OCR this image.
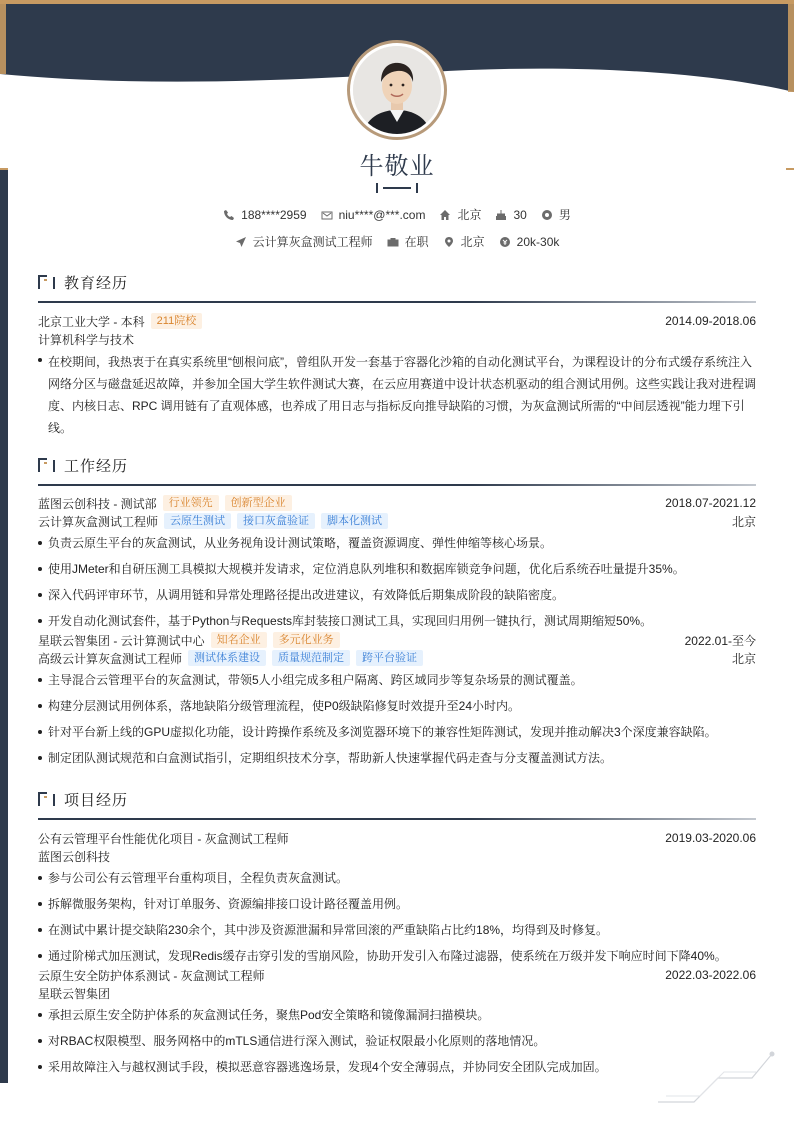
牛敬业
188****2959	niu****@***.com	北京	30	男
云计算灰盒测试工程师	在职	北京	20k-30k
教育经历
北京工业大学 - 本科	211院校	2014.09-2018.06
计算机科学与技术
在校期间，我热衷于在真实系统里“刨根问底”，曾组队开发一套基于容器化沙箱的自动化测试平台，为课程设计的分布式缓存系统注入网络分区与磁盘延迟故障，并参加全国大学生软件测试大赛，在云应用赛道中设计状态机驱动的组合测试用例。这些实践让我对进程调度、内核日志、RPC 调用链有了直观体感，也养成了用日志与指标反向推导缺陷的习惯，为灰盒测试所需的“中间层透视”能力埋下引线。
工作经历
蓝图云创科技 - 测试部	行业领先	创新型企业	2018.07-2021.12
云计算灰盒测试工程师	云原生测试	接口灰盒验证	脚本化测试	北京
负责云原生平台的灰盒测试，从业务视角设计测试策略，覆盖资源调度、弹性伸缩等核心场景。
使用JMeter和自研压测工具模拟大规模并发请求，定位消息队列堆积和数据库锁竞争问题，优化后系统吞吐量提升35%。
深入代码评审环节，从调用链和异常处理路径提出改进建议，有效降低后期集成阶段的缺陷密度。
开发自动化测试套件，基于Python与Requests库封装接口测试工具，实现回归用例一键执行，测试周期缩短50%。
星联云智集团 - 云计算测试中心	知名企业	多元化业务	2022.01-至今
高级云计算灰盒测试工程师	测试体系建设	质量规范制定	跨平台验证	北京
主导混合云管理平台的灰盒测试，带领5人小组完成多租户隔离、跨区域同步等复杂场景的测试覆盖。
构建分层测试用例体系，落地缺陷分级管理流程，使P0级缺陷修复时效提升至24小时内。
针对平台新上线的GPU虚拟化功能，设计跨操作系统及多浏览器环境下的兼容性矩阵测试，发现并推动解决3个深度兼容缺陷。
制定团队测试规范和白盒测试指引，定期组织技术分享，帮助新人快速掌握代码走查与分支覆盖测试方法。
项目经历
公有云管理平台性能优化项目 - 灰盒测试工程师	2019.03-2020.06
蓝图云创科技
参与公司公有云管理平台重构项目，全程负责灰盒测试。
拆解微服务架构，针对订单服务、资源编排接口设计路径覆盖用例。
在测试中累计提交缺陷230余个，其中涉及资源泄漏和异常回滚的严重缺陷占比约18%，均得到及时修复。
通过阶梯式加压测试，发现Redis缓存击穿引发的雪崩风险，协助开发引入布隆过滤器，使系统在万级并发下响应时间下降40%。
云原生安全防护体系测试 - 灰盒测试工程师	2022.03-2022.06
星联云智集团
承担云原生安全防护体系的灰盒测试任务，聚焦Pod安全策略和镜像漏洞扫描模块。
对RBAC权限模型、服务网格中的mTLS通信进行深入测试，验证权限最小化原则的落地情况。
采用故障注入与越权测试手段，模拟恶意容器逃逸场景，发现4个安全薄弱点，并协同安全团队完成加固。
